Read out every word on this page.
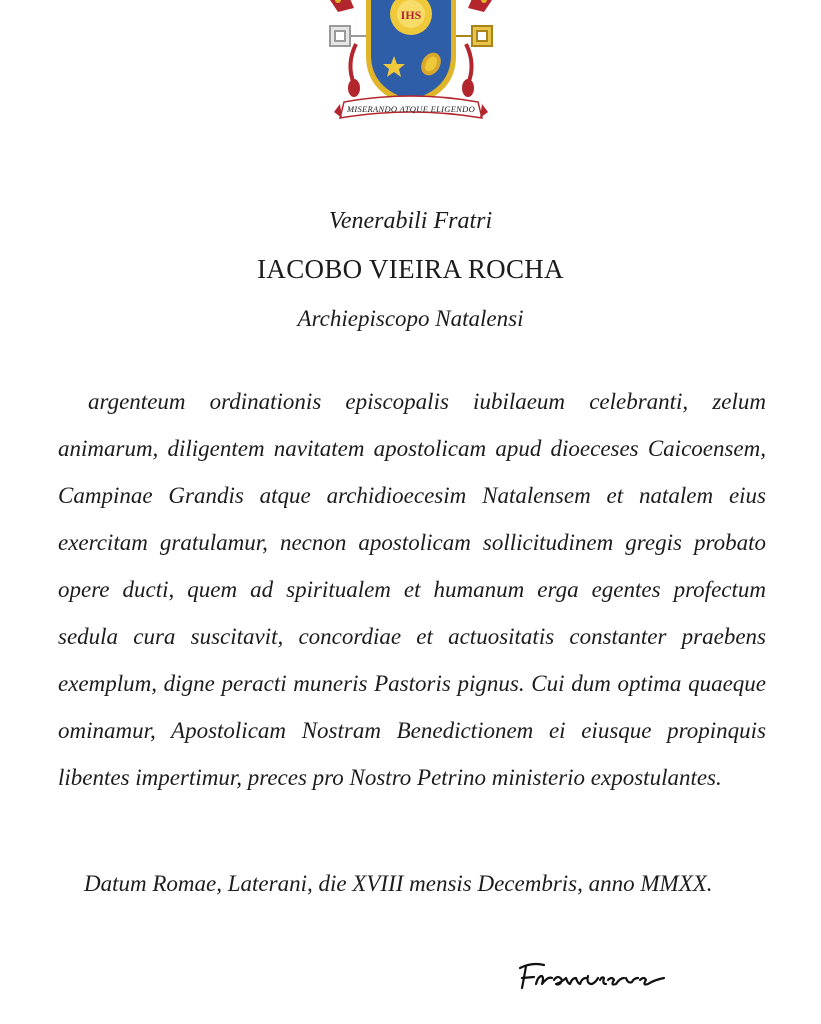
IHS
MISERANDO ATQUE ELIGENDO
Venerabili Fratri
IACOBO VIEIRA ROCHA
Archiepiscopo Natalensi

argenteum ordinationis episcopalis iubilaeum celebranti, zelum animarum, diligentem navitatem apostolicam apud dioeceses Caicoensem, Campinae Grandis atque archidioecesim Natalensem et natalem eius exercitam gratulamur, necnon apostolicam sollicitudinem gregis probato opere ducti, quem ad spiritualem et humanum erga egentes profectum sedula cura suscitavit, concordiae et actuositatis constanter praebens exemplum, digne peracti muneris Pastoris pignus. Cui dum optima quaeque ominamur, Apostolicam Nostram Benedictionem ei eiusque propinquis libentes impertimur, preces pro Nostro Petrino ministerio expostulantes.

Datum Romae, Laterani, die XVIII mensis Decembris, anno MMXX.
